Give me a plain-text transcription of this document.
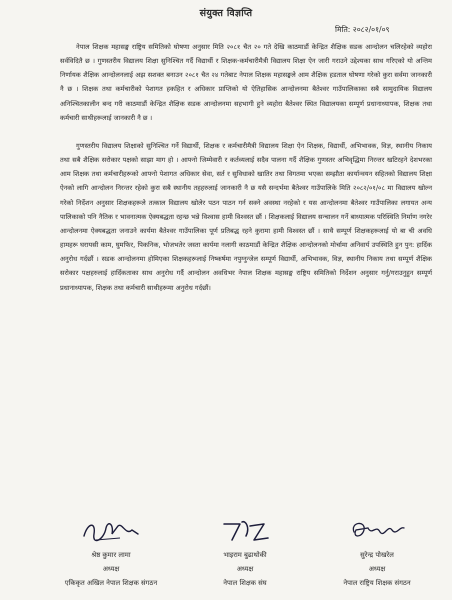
संयुक्त विज्ञप्ति
मिति: २०८२/०१/०९

नेपाल शिक्षक महासङ्घ राष्ट्रिय समितिको घोषणा अनुसार मिति २०८१ चैत २० गते देखि काठमाडौं केन्द्रित शैक्षिक सडक आन्दोलन चलिरहेको व्यहोरा सर्वविदितै छ । गुणस्तरीय विद्यालय शिक्षा सुनिश्चित गर्दै विद्यार्थी र शिक्षक-कर्मचारीमैत्री विद्यालय शिक्षा ऐन जारी गराउने उद्देश्यका साथ गरिएको यो अन्तिम निर्णायक शैक्षिक आन्दोलनलाई अझ सशक्त बनाउन २०८१ चैत २४ गतेबाट नेपाल शिक्षक महासङ्घले आम शैक्षिक हडताल घोषणा गरेको कुरा सर्वमा जानकारी नै छ । शिक्षक तथा कर्मचारीको पेशागत हकहित र अधिकार प्राप्तिको यो ऐतिहासिक आन्दोलनमा बैतेश्वर गाउँपालिकाका सबै सामुदायिक विद्यालय अनिश्चितकालीन बन्द गरी काठमाडौं केन्द्रित शैक्षिक सडक आन्दोलनमा सहभागी हुने व्यहोरा बैतेश्वर स्थित विद्यालयका सम्पूर्ण प्रधानाध्यापक, शिक्षक तथा कर्मचारी साथीहरूलाई जानकारी नै छ ।

गुणस्तरीय विद्यालय शिक्षाको सुनिश्चित गर्ने विद्यार्थी, शिक्षक र कर्मचारीमैत्री विद्यालय शिक्षा ऐन शिक्षक, विद्यार्थी, अभिभावक, विज्ञ, स्थानीय निकाय तथा सबै शैक्षिक सरोकार पक्षको साझा माग हो । आफ्नो जिम्मेवारी र कर्तव्यलाई सदैव पालना गर्दै शैक्षिक गुणस्तर अभिवृद्धिमा निरन्तर खटिरहने देशभरका आम शिक्षक तथा कर्मचारीहरूको आफ्नो पेशागत अधिकार सेवा, सर्त र सुविधाको खातिर तथा विगतमा भएका सम्झौता कार्यान्वयन सहितको विद्यालय शिक्षा ऐनको लागि आन्दोलन निरन्तर रहेको कुरा सबै स्थानीय तहहरुलाई जानकारी नै छ यसै सन्दर्भमा बैतेश्वर गाउँपालिके मिति २०८२/०१/०८ मा विद्यालय खोल्न गरेको निर्देशन अनुसार शिक्षकहरूले तत्काल विद्यालय खोलेर पठन पाठन गर्न सक्ने अवस्था नरहेको र यस आन्दोलनमा बैतेश्वर गाउँपालिका लगायत अन्य पालिकाको पनि नैतिक र भावनात्मक ऐक्यबद्धता रहन्छ भन्ने विश्वास हामी विश्वस्त छौं । शिक्षकलाई विद्यालय सन्चालन गर्ने बाध्यात्मक परिस्थिति निर्माण नगरेर आन्दोलनमा ऐक्यबद्धता जनाउने कार्यमा बैतेश्वर गाउँपालिका पूर्ण प्रतिबद्ध रहने कुरामा हामी विश्वस्त छौं । साथै सम्पूर्ण शिक्षकहरूलाई यो बा ची अवधि हामहरू घरायसी काम, घुमफिर, पिकनिक, भोजभतेर जस्ता कार्यमा नलागी काठमाडौं केन्द्रित शैक्षिक आन्दोलनको मोर्चामा अनिवार्य उपस्थिति हुन पुन: हार्दिक अनुरोध गर्दछौं । सडक आन्दोलनमा होमिएका शिक्षकहरूलाई निष्कर्षमा नपुग्नुन्जेल सम्पूर्ण विद्यार्थी, अभिभावक, विज्ञ, स्थानीय निकाय तथा सम्पूर्ण शैक्षिक सरोकार पक्षहरुलाई हार्दिकताका साथ अनुरोध गर्दै आन्दोलन अवधिभर नेपाल शिक्षक महासङ्घ राष्ट्रिय समितिको निर्देशन अनुसार गर्नु/गराउनुहुन सम्पूर्ण प्रधानाध्यापक, शिक्षक तथा कर्मचारी साथीहरूमा अनुरोध गर्दछौं।

श्रेष्ठ कुमार लामा
अध्यक्ष
एकिकृत अखिल नेपाल शिक्षक संगठन
भाइराम बुढाथोकी
अध्यक्ष
नेपाल शिक्षक संघ
सुरेन्द्र पोखरेल
अध्यक्ष
नेपाल राष्ट्रिय शिक्षक संगठन
